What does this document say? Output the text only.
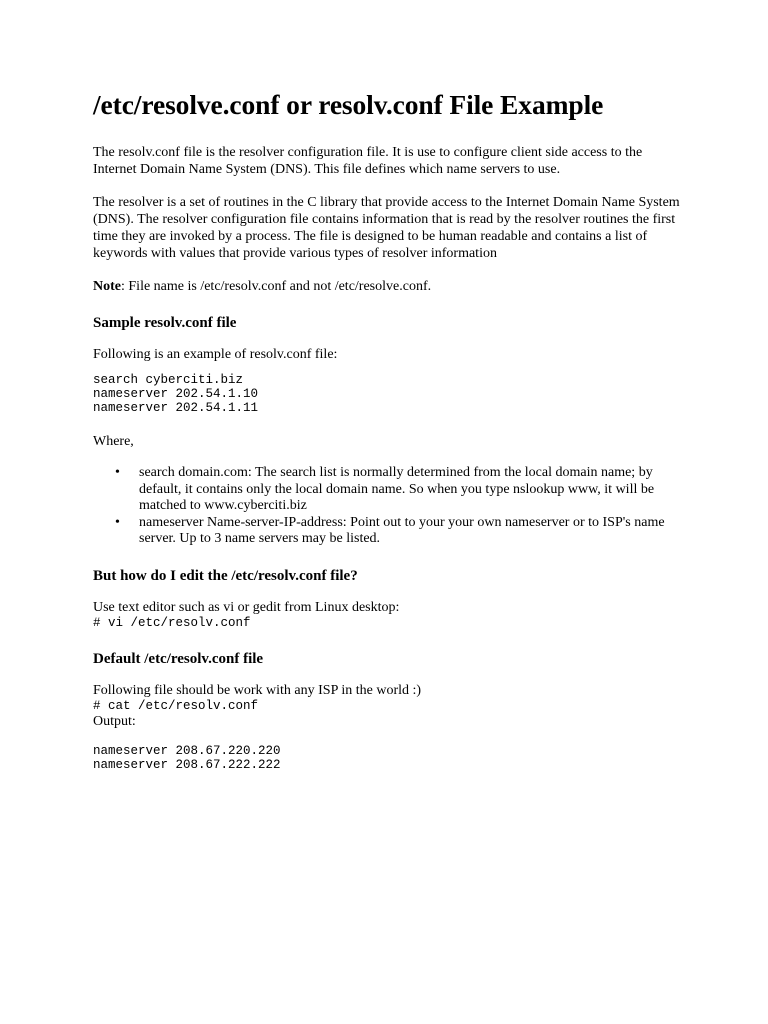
/etc/resolve.conf or resolv.conf File Example

The resolv.conf file is the resolver configuration file. It is use to configure client side access to the Internet Domain Name System (DNS). This file defines which name servers to use.

The resolver is a set of routines in the C library that provide access to the Internet Domain Name System (DNS). The resolver configuration file contains information that is read by the resolver routines the first time they are invoked by a process. The file is designed to be human readable and contains a list of keywords with values that provide various types of resolver information

Note: File name is /etc/resolv.conf and not /etc/resolve.conf.

Sample resolv.conf file

Following is an example of resolv.conf file:

search cyberciti.biz
nameserver 202.54.1.10
nameserver 202.54.1.11

Where,

• search domain.com: The search list is normally determined from the local domain name; by default, it contains only the local domain name. So when you type nslookup www, it will be matched to www.cyberciti.biz
• nameserver Name-server-IP-address: Point out to your your own nameserver or to ISP's name server. Up to 3 name servers may be listed.
But how do I edit the /etc/resolv.conf file?

Use text editor such as vi or gedit from Linux desktop:

# vi /etc/resolv.conf
Default /etc/resolv.conf file

Following file should be work with any ISP in the world :)

# cat /etc/resolv.conf

Output:

nameserver 208.67.220.220
nameserver 208.67.222.222
